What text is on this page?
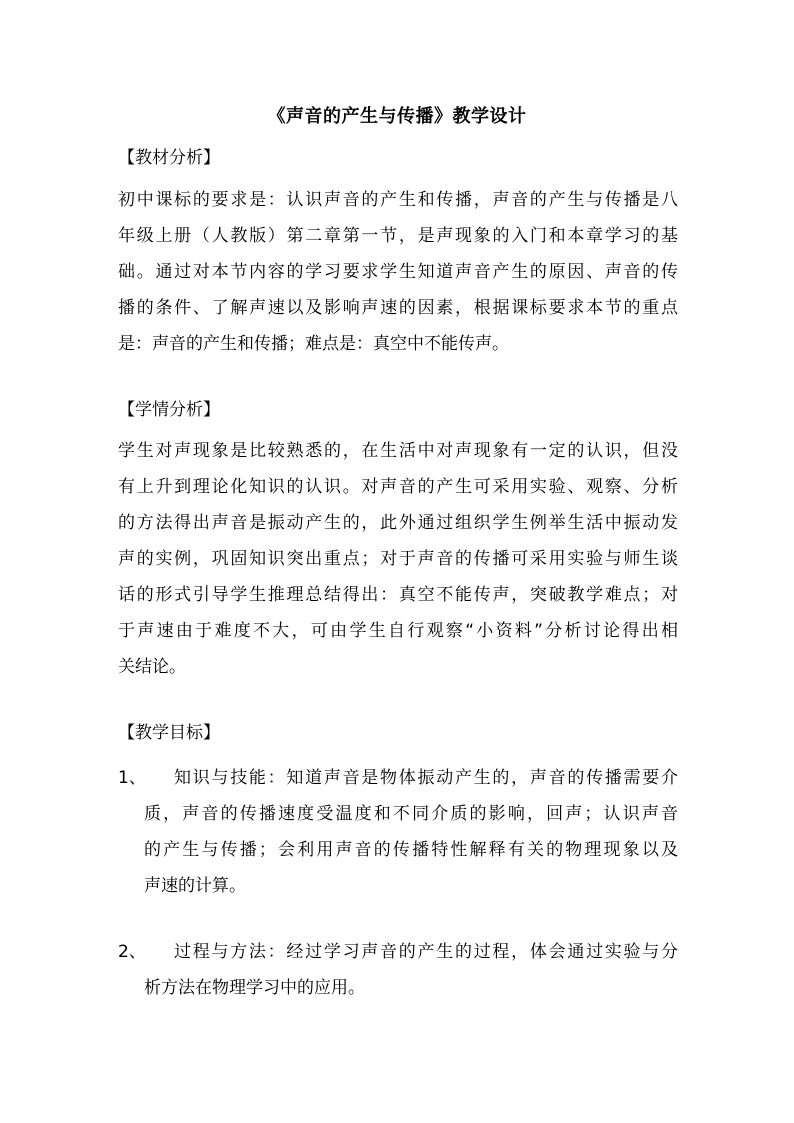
《声音的产生与传播》教学设计
【教材分析】
初中课标的要求是：认识声音的产生和传播，声音的产生与传播是八
年级上册（人教版）第二章第一节，是声现象的入门和本章学习的基
础。通过对本节内容的学习要求学生知道声音产生的原因、声音的传
播的条件、了解声速以及影响声速的因素，根据课标要求本节的重点
是：声音的产生和传播；难点是：真空中不能传声。
【学情分析】
学生对声现象是比较熟悉的，在生活中对声现象有一定的认识，但没
有上升到理论化知识的认识。对声音的产生可采用实验、观察、分析
的方法得出声音是振动产生的，此外通过组织学生例举生活中振动发
声的实例，巩固知识突出重点；对于声音的传播可采用实验与师生谈
话的形式引导学生推理总结得出：真空不能传声，突破教学难点；对
于声速由于难度不大，可由学生自行观察“小资料”分析讨论得出相
关结论。
【教学目标】
1、	知识与技能：知道声音是物体振动产生的，声音的传播需要介
质，声音的传播速度受温度和不同介质的影响，回声；认识声音
的产生与传播；会利用声音的传播特性解释有关的物理现象以及
声速的计算。
2、	过程与方法：经过学习声音的产生的过程，体会通过实验与分
析方法在物理学习中的应用。
